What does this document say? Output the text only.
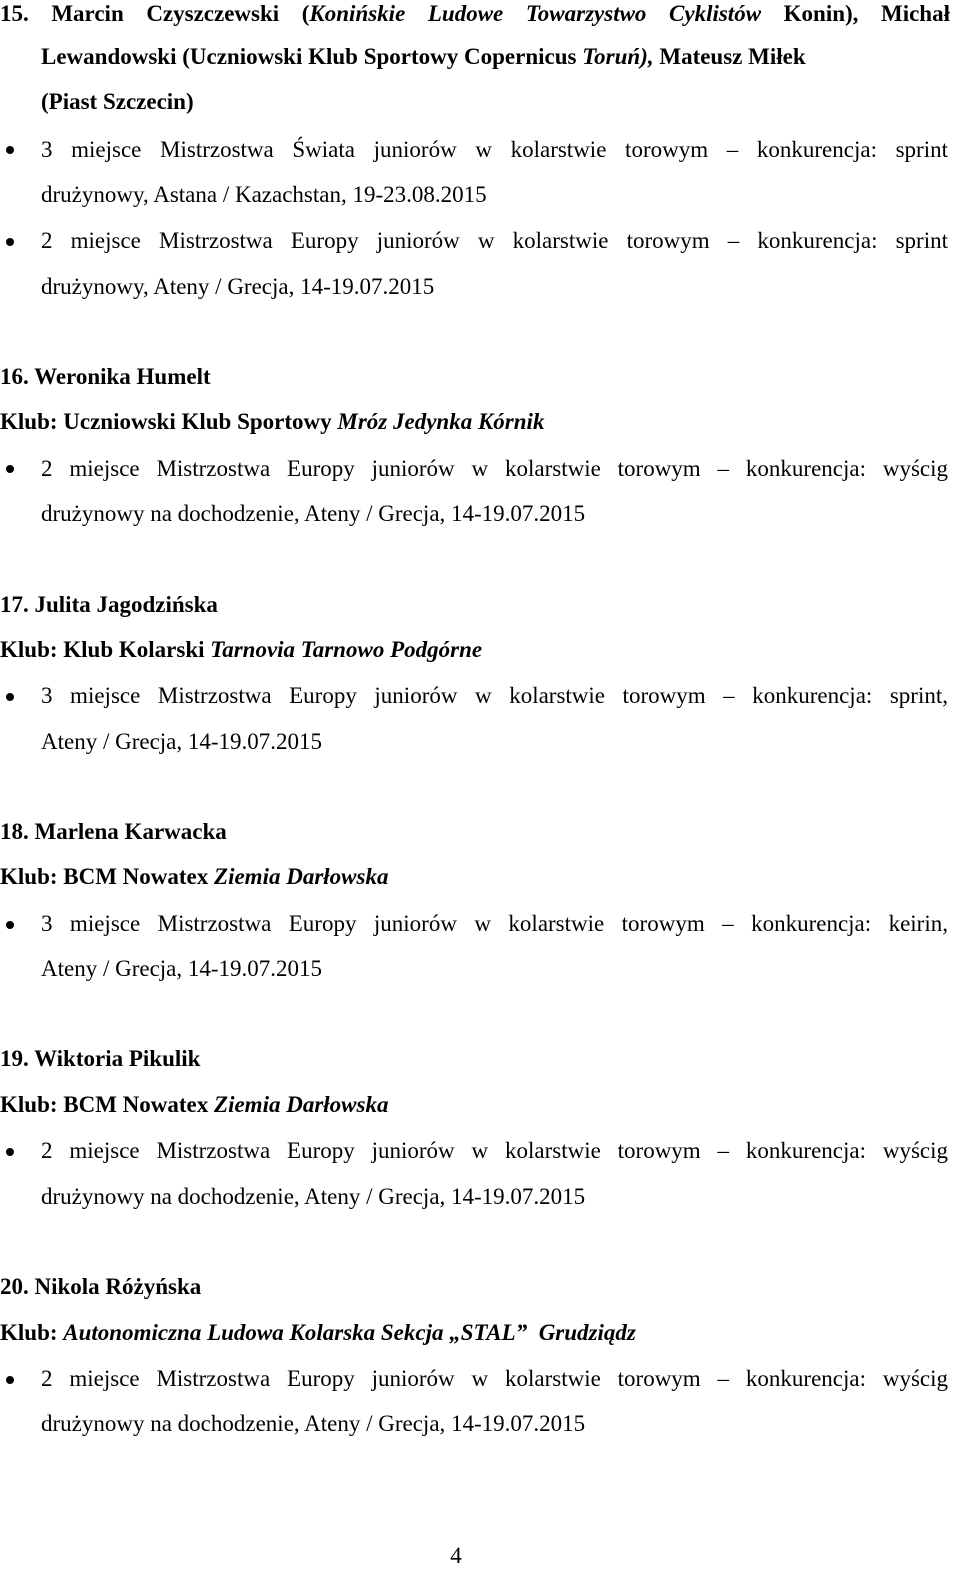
15. Marcin Czyszczewski (Konińskie Ludowe Towarzystwo Cyklistów Konin), Michał
Lewandowski (Uczniowski Klub Sportowy Copernicus Toruń), Mateusz Miłek
(Piast Szczecin)
3 miejsce Mistrzostwa Świata juniorów w kolarstwie torowym – konkurencja: sprint
drużynowy, Astana / Kazachstan, 19-23.08.2015
2 miejsce Mistrzostwa Europy juniorów w kolarstwie torowym – konkurencja: sprint
drużynowy, Ateny / Grecja, 14-19.07.2015
16. Weronika Humelt
Klub: Uczniowski Klub Sportowy Mróz Jedynka Kórnik
2 miejsce Mistrzostwa Europy juniorów w kolarstwie torowym – konkurencja: wyścig
drużynowy na dochodzenie, Ateny / Grecja, 14-19.07.2015
17. Julita Jagodzińska
Klub: Klub Kolarski Tarnovia Tarnowo Podgórne
3 miejsce Mistrzostwa Europy juniorów w kolarstwie torowym – konkurencja: sprint,
Ateny / Grecja, 14-19.07.2015
18. Marlena Karwacka
Klub: BCM Nowatex Ziemia Darłowska
3 miejsce Mistrzostwa Europy juniorów w kolarstwie torowym – konkurencja: keirin,
Ateny / Grecja, 14-19.07.2015
19. Wiktoria Pikulik
Klub: BCM Nowatex Ziemia Darłowska
2 miejsce Mistrzostwa Europy juniorów w kolarstwie torowym – konkurencja: wyścig
drużynowy na dochodzenie, Ateny / Grecja, 14-19.07.2015
20. Nikola Różyńska
Klub: Autonomiczna Ludowa Kolarska Sekcja „STAL”  Grudziądz
2 miejsce Mistrzostwa Europy juniorów w kolarstwie torowym – konkurencja: wyścig
drużynowy na dochodzenie, Ateny / Grecja, 14-19.07.2015
4
